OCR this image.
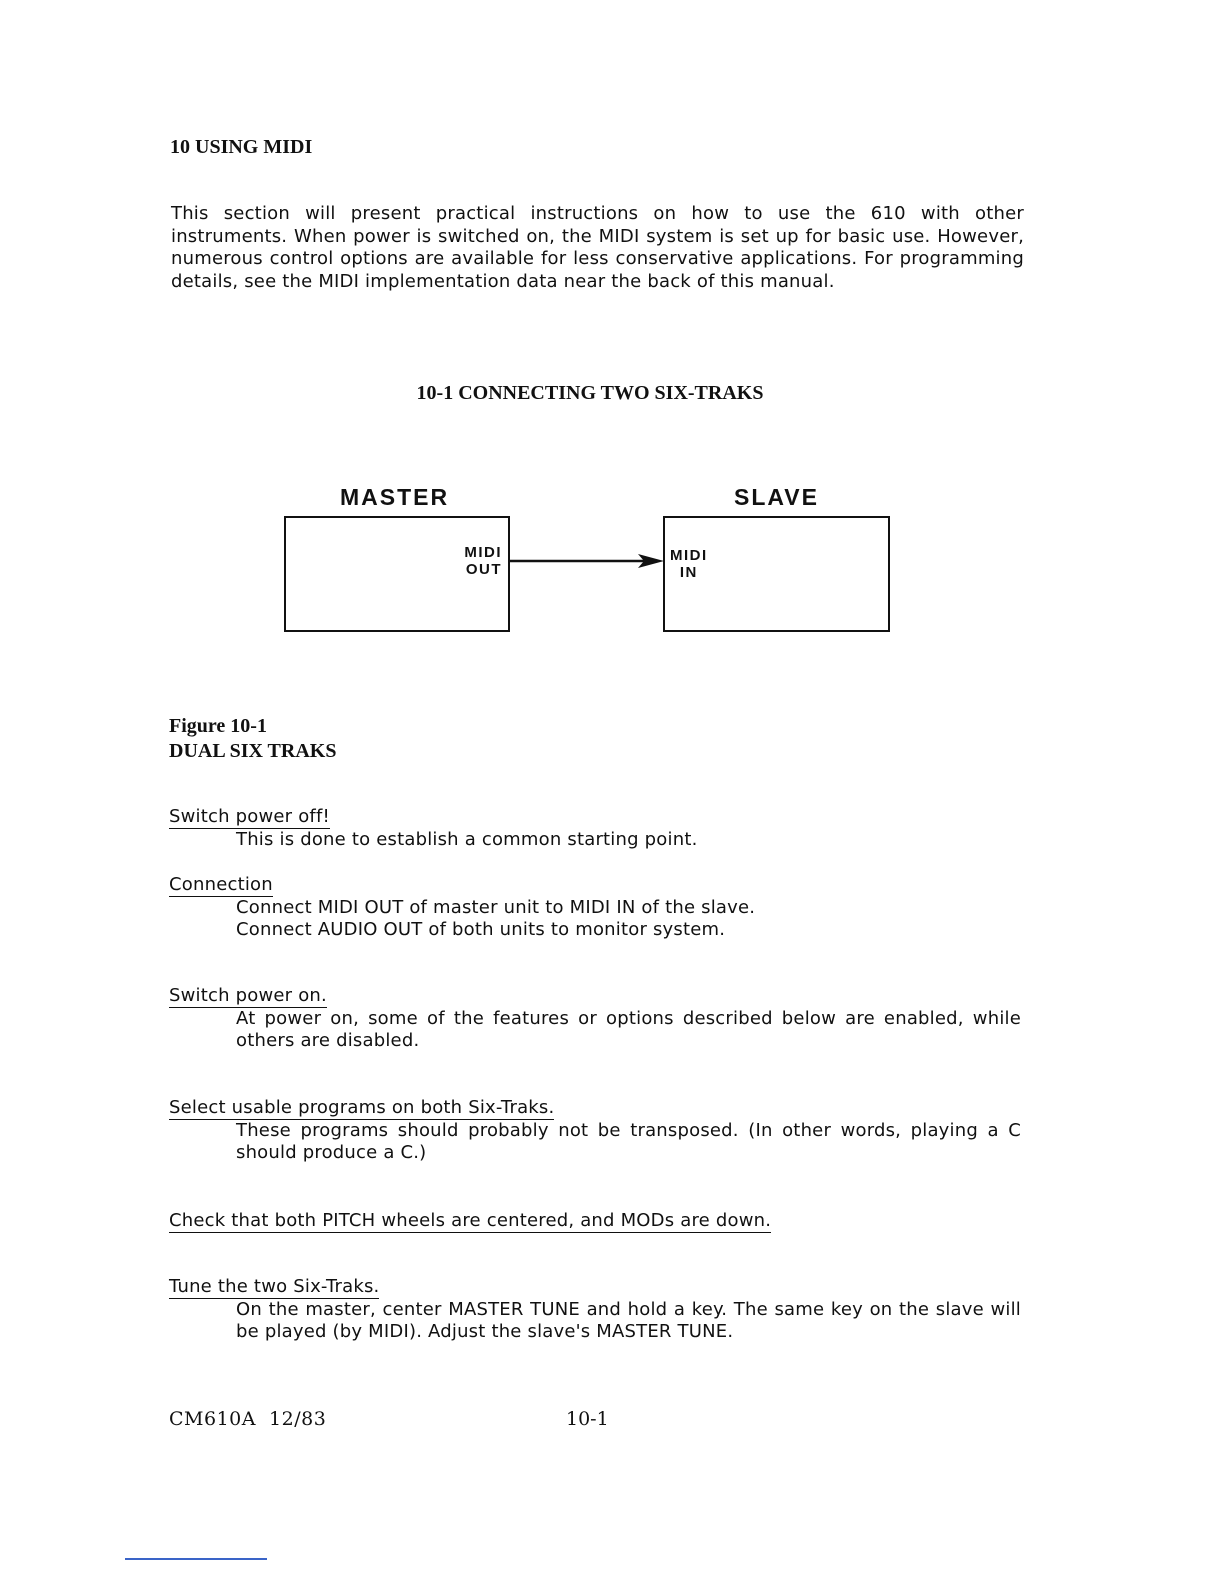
10 USING MIDI
This section will present practical instructions on how to use the 610 with other instruments. When power is switched on, the MIDI system is set up for basic use. However, numerous control options are available for less conservative applications. For programming details, see the MIDI implementation data near the back of this manual.
10-1 CONNECTING TWO SIX-TRAKS
MASTER	SLAVE
MIDI
OUT
MIDI
IN
Figure 10-1
DUAL SIX TRAKS
Switch power off!
This is done to establish a common starting point.
Connection
Connect MIDI OUT of master unit to MIDI IN of the slave.
Connect AUDIO OUT of both units to monitor system.
Switch power on.
At power on, some of the features or options described below are enabled, while others are disabled.
Select usable programs on both Six-Traks.
These programs should probably not be transposed. (In other words, playing a C should produce a C.)
Check that both PITCH wheels are centered, and MODs are down.
Tune the two Six-Traks.
On the master, center MASTER TUNE and hold a key. The same key on the slave will be played (by MIDI). Adjust the slave's MASTER TUNE.
CM610A  12/83	10-1
